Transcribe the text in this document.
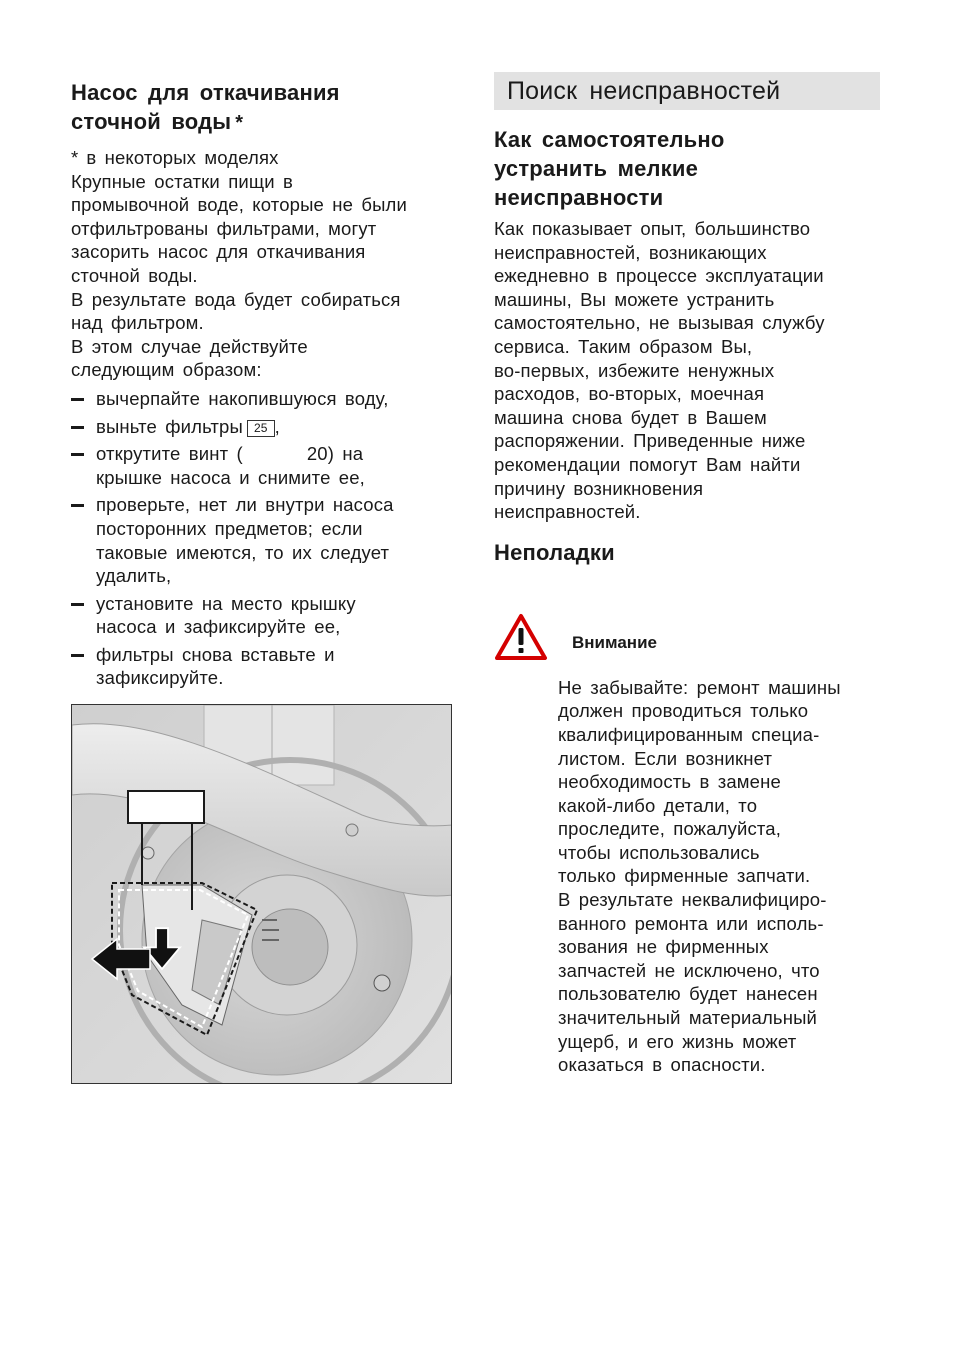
Насос для откачивания
сточной воды *
* в некоторых моделях
Крупные остатки пищи в
промывочной воде, которые не были
отфильтрованы фильтрами, могут
засорить насос для откачивания
сточной воды.
В результате вода будет собираться
над фильтром.
В этом случае действуйте
следующим образом:
вычерпайте накопившуюся воду,
выньте фильтры 25 ,
открутите винт (	20) на
крышке насоса и снимите ее,
проверьте, нет ли внутри насоса
посторонних предметов; если
таковые имеются, то их следует
удалить,
установите на место крышку
насоса и зафиксируйте ее,
фильтры снова вставьте и
зафиксируйте.
Поиск неисправностей
Как самостоятельно
устранить мелкие
неисправности
Как показывает опыт, большинство
неисправностей, возникающих
ежедневно в процессе эксплуатации
машины, Вы можете устранить
самостоятельно, не вызывая службу
сервиса. Таким образом Вы,
во-первых, избежите ненужных
расходов, во-вторых, моечная
машина снова будет в Вашем
распоряжении. Приведенные ниже
рекомендации помогут Вам найти
причину возникновения
неисправностей.
Неполадки
Внимание
Не забывайте: ремонт машины
должен проводиться только
квалифицированным специа-
листом. Если возникнет
необходимость в замене
какой-либо детали, то
проследите, пожалуйста,
чтобы использовались
только фирменные запчати.
В результате неквалифициро-
ванного ремонта или исполь-
зования не фирменных
запчастей не исключено, что
пользователю будет нанесен
значительный материальный
ущерб, и его жизнь может
оказаться в опасности.
